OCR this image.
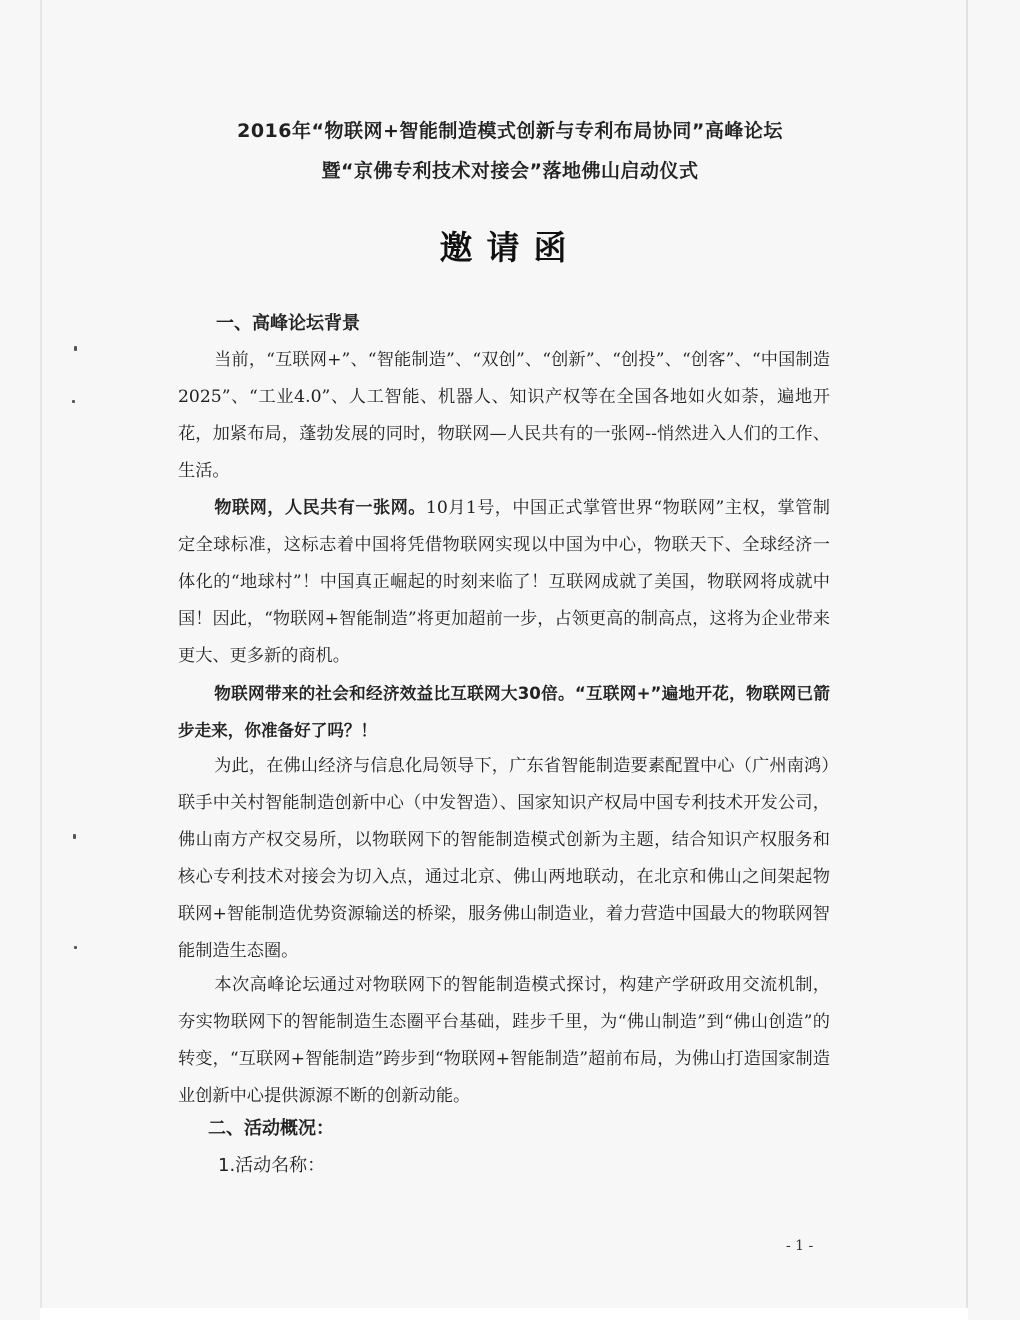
2016年“物联网+智能制造模式创新与专利布局协同”高峰论坛
暨“京佛专利技术对接会”落地佛山启动仪式
邀请函
一、高峰论坛背景

当前，“互联网+”、“智能制造”、“双创”、“创新”、“创投”、“创客”、“中国制造2025”、“工业4.0”、人工智能、机器人、知识产权等在全国各地如火如荼，遍地开花，加紧布局，蓬勃发展的同时，物联网—人民共有的一张网--悄然进入人们的工作、生活。

物联网，人民共有一张网。10月1号，中国正式掌管世界“物联网”主权，掌管制定全球标准，这标志着中国将凭借物联网实现以中国为中心，物联天下、全球经济一体化的“地球村”！中国真正崛起的时刻来临了！互联网成就了美国，物联网将成就中国！因此，“物联网+智能制造”将更加超前一步，占领更高的制高点，这将为企业带来更大、更多新的商机。

物联网带来的社会和经济效益比互联网大30倍。“互联网+”遍地开花，物联网已箭步走来，你准备好了吗？！

为此，在佛山经济与信息化局领导下，广东省智能制造要素配置中心（广州南鸿）联手中关村智能制造创新中心（中发智造）、国家知识产权局中国专利技术开发公司，佛山南方产权交易所，以物联网下的智能制造模式创新为主题，结合知识产权服务和核心专利技术对接会为切入点，通过北京、佛山两地联动，在北京和佛山之间架起物联网+智能制造优势资源输送的桥梁，服务佛山制造业，着力营造中国最大的物联网智能制造生态圈。

本次高峰论坛通过对物联网下的智能制造模式探讨，构建产学研政用交流机制，夯实物联网下的智能制造生态圈平台基础，跬步千里，为“佛山制造”到“佛山创造”的转变，“互联网+智能制造”跨步到“物联网+智能制造”超前布局，为佛山打造国家制造业创新中心提供源源不断的创新动能。

二、活动概况：
1.活动名称：
- 1 -
